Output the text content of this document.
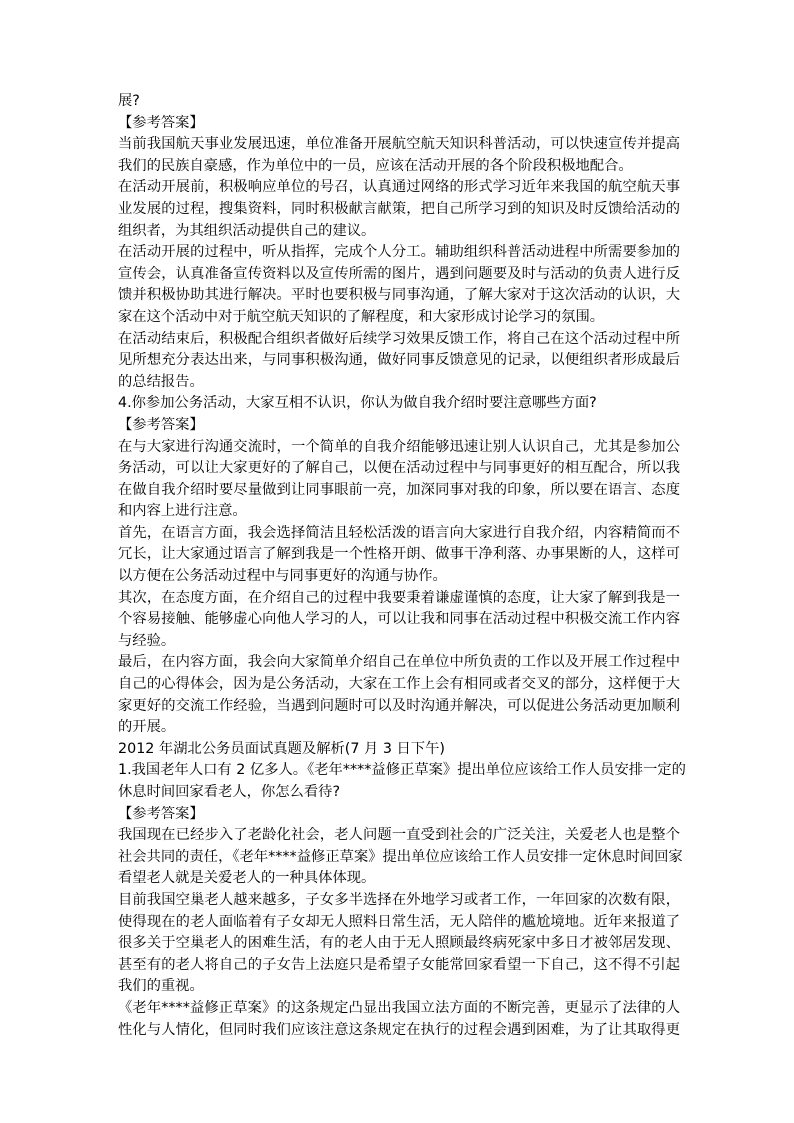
展?
【参考答案】
当前我国航天事业发展迅速，单位准备开展航空航天知识科普活动，可以快速宣传并提高
我们的民族自豪感，作为单位中的一员，应该在活动开展的各个阶段积极地配合。
在活动开展前，积极响应单位的号召，认真通过网络的形式学习近年来我国的航空航天事
业发展的过程，搜集资料，同时积极献言献策，把自己所学习到的知识及时反馈给活动的
组织者，为其组织活动提供自己的建议。
在活动开展的过程中，听从指挥，完成个人分工。辅助组织科普活动进程中所需要参加的
宣传会，认真准备宣传资料以及宣传所需的图片，遇到问题要及时与活动的负责人进行反
馈并积极协助其进行解决。平时也要积极与同事沟通，了解大家对于这次活动的认识，大
家在这个活动中对于航空航天知识的了解程度，和大家形成讨论学习的氛围。
在活动结束后，积极配合组织者做好后续学习效果反馈工作，将自己在这个活动过程中所
见所想充分表达出来，与同事积极沟通，做好同事反馈意见的记录，以便组织者形成最后
的总结报告。
4.你参加公务活动，大家互相不认识，你认为做自我介绍时要注意哪些方面?
【参考答案】
在与大家进行沟通交流时，一个简单的自我介绍能够迅速让别人认识自己，尤其是参加公
务活动，可以让大家更好的了解自己，以便在活动过程中与同事更好的相互配合，所以我
在做自我介绍时要尽量做到让同事眼前一亮，加深同事对我的印象，所以要在语言、态度
和内容上进行注意。
首先，在语言方面，我会选择简洁且轻松活泼的语言向大家进行自我介绍，内容精简而不
冗长，让大家通过语言了解到我是一个性格开朗、做事干净利落、办事果断的人，这样可
以方便在公务活动过程中与同事更好的沟通与协作。
其次，在态度方面，在介绍自己的过程中我要秉着谦虚谨慎的态度，让大家了解到我是一
个容易接触、能够虚心向他人学习的人，可以让我和同事在活动过程中积极交流工作内容
与经验。
最后，在内容方面，我会向大家简单介绍自己在单位中所负责的工作以及开展工作过程中
自己的心得体会，因为是公务活动，大家在工作上会有相同或者交叉的部分，这样便于大
家更好的交流工作经验，当遇到问题时可以及时沟通并解决，可以促进公务活动更加顺利
的开展。
2012 年湖北公务员面试真题及解析(7 月 3 日下午)
1.我国老年人口有 2 亿多人。《老年****益修正草案》提出单位应该给工作人员安排一定的
休息时间回家看老人，你怎么看待?
【参考答案】
我国现在已经步入了老龄化社会，老人问题一直受到社会的广泛关注，关爱老人也是整个
社会共同的责任，《老年****益修正草案》提出单位应该给工作人员安排一定休息时间回家
看望老人就是关爱老人的一种具体体现。
目前我国空巢老人越来越多，子女多半选择在外地学习或者工作，一年回家的次数有限，
使得现在的老人面临着有子女却无人照料日常生活，无人陪伴的尴尬境地。近年来报道了
很多关于空巢老人的困难生活，有的老人由于无人照顾最终病死家中多日才被邻居发现、
甚至有的老人将自己的子女告上法庭只是希望子女能常回家看望一下自己，这不得不引起
我们的重视。
《老年****益修正草案》的这条规定凸显出我国立法方面的不断完善，更显示了法律的人
性化与人情化，但同时我们应该注意这条规定在执行的过程会遇到困难，为了让其取得更
